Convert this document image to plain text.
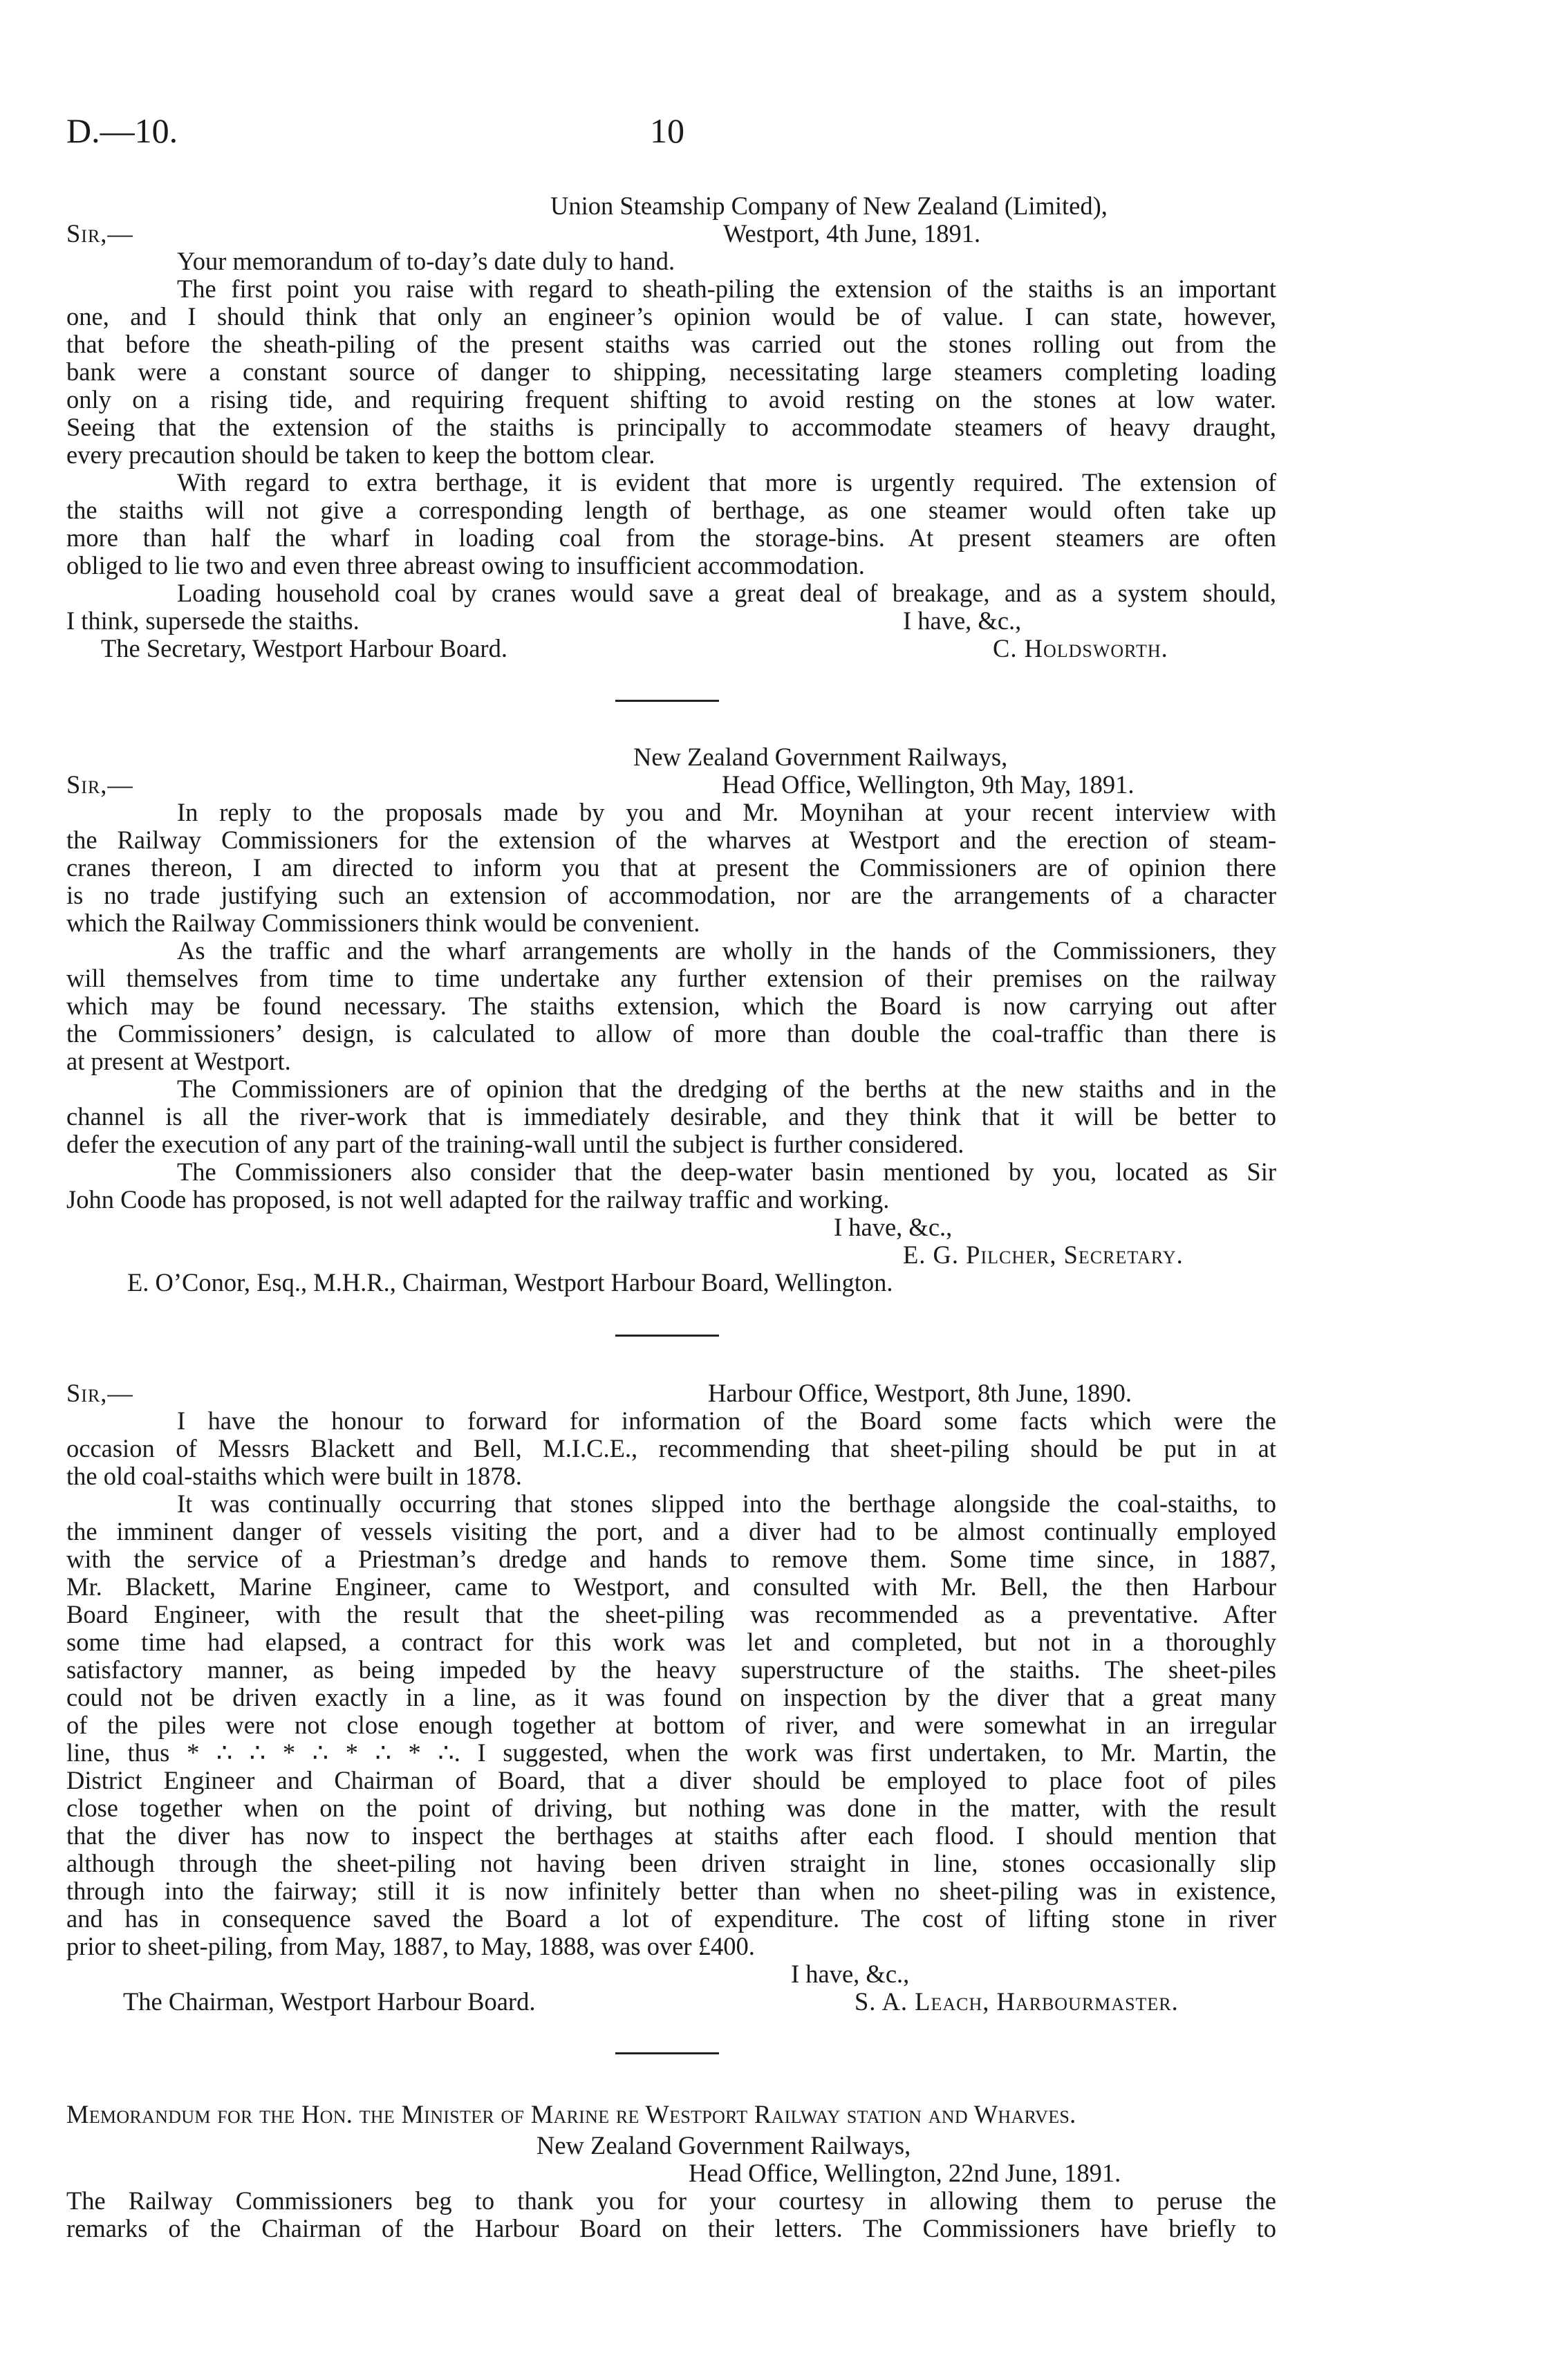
D.—10.	10
Union Steamship Company of New Zealand (Limited),
Sir,—	Westport, 4th June, 1891.
Your memorandum of to-day’s date duly to hand.
The first point you raise with regard to sheath-piling the extension of the staiths is an important
one, and I should think that only an engineer’s opinion would be of value. I can state, however,
that before the sheath-piling of the present staiths was carried out the stones rolling out from the
bank were a constant source of danger to shipping, necessitating large steamers completing loading
only on a rising tide, and requiring frequent shifting to avoid resting on the stones at low water.
Seeing that the extension of the staiths is principally to accommodate steamers of heavy draught,
every precaution should be taken to keep the bottom clear.
With regard to extra berthage, it is evident that more is urgently required. The extension of
the staiths will not give a corresponding length of berthage, as one steamer would often take up
more than half the wharf in loading coal from the storage-bins. At present steamers are often
obliged to lie two and even three abreast owing to insufficient accommodation.
Loading household coal by cranes would save a great deal of breakage, and as a system should,
I think, supersede the staiths.	I have, &c.,
The Secretary, Westport Harbour Board.	C. Holdsworth.
New Zealand Government Railways,
Sir,—	Head Office, Wellington, 9th May, 1891.
In reply to the proposals made by you and Mr. Moynihan at your recent interview with
the Railway Commissioners for the extension of the wharves at Westport and the erection of steam-
cranes thereon, I am directed to inform you that at present the Commissioners are of opinion there
is no trade justifying such an extension of accommodation, nor are the arrangements of a character
which the Railway Commissioners think would be convenient.
As the traffic and the wharf arrangements are wholly in the hands of the Commissioners, they
will themselves from time to time undertake any further extension of their premises on the railway
which may be found necessary. The staiths extension, which the Board is now carrying out after
the Commissioners’ design, is calculated to allow of more than double the coal-traffic than there is
at present at Westport.
The Commissioners are of opinion that the dredging of the berths at the new staiths and in the
channel is all the river-work that is immediately desirable, and they think that it will be better to
defer the execution of any part of the training-wall until the subject is further considered.
The Commissioners also consider that the deep-water basin mentioned by you, located as Sir
John Coode has proposed, is not well adapted for the railway traffic and working.
I have, &c.,
E. G. Pilcher, Secretary.
E. O’Conor, Esq., M.H.R., Chairman, Westport Harbour Board, Wellington.
Sir,—	Harbour Office, Westport, 8th June, 1890.
I have the honour to forward for information of the Board some facts which were the
occasion of Messrs Blackett and Bell, M.I.C.E., recommending that sheet-piling should be put in at
the old coal-staiths which were built in 1878.
It was continually occurring that stones slipped into the berthage alongside the coal-staiths, to
the imminent danger of vessels visiting the port, and a diver had to be almost continually employed
with the service of a Priestman’s dredge and hands to remove them. Some time since, in 1887,
Mr. Blackett, Marine Engineer, came to Westport, and consulted with Mr. Bell, the then Harbour
Board Engineer, with the result that the sheet-piling was recommended as a preventative. After
some time had elapsed, a contract for this work was let and completed, but not in a thoroughly
satisfactory manner, as being impeded by the heavy superstructure of the staiths. The sheet-piles
could not be driven exactly in a line, as it was found on inspection by the diver that a great many
of the piles were not close enough together at bottom of river, and were somewhat in an irregular
line, thus * ∴ ∴ * ∴ * ∴ * ∴. I suggested, when the work was first undertaken, to Mr. Martin, the
District Engineer and Chairman of Board, that a diver should be employed to place foot of piles
close together when on the point of driving, but nothing was done in the matter, with the result
that the diver has now to inspect the berthages at staiths after each flood. I should mention that
although through the sheet-piling not having been driven straight in line, stones occasionally slip
through into the fairway; still it is now infinitely better than when no sheet-piling was in existence,
and has in consequence saved the Board a lot of expenditure. The cost of lifting stone in river
prior to sheet-piling, from May, 1887, to May, 1888, was over £400.
I have, &c.,
The Chairman, Westport Harbour Board.	S. A. Leach, Harbourmaster.
Memorandum for the Hon. the Minister of Marine re Westport Railway station and Wharves.
New Zealand Government Railways,
Head Office, Wellington, 22nd June, 1891.
The Railway Commissioners beg to thank you for your courtesy in allowing them to peruse the
remarks of the Chairman of the Harbour Board on their letters. The Commissioners have briefly to
